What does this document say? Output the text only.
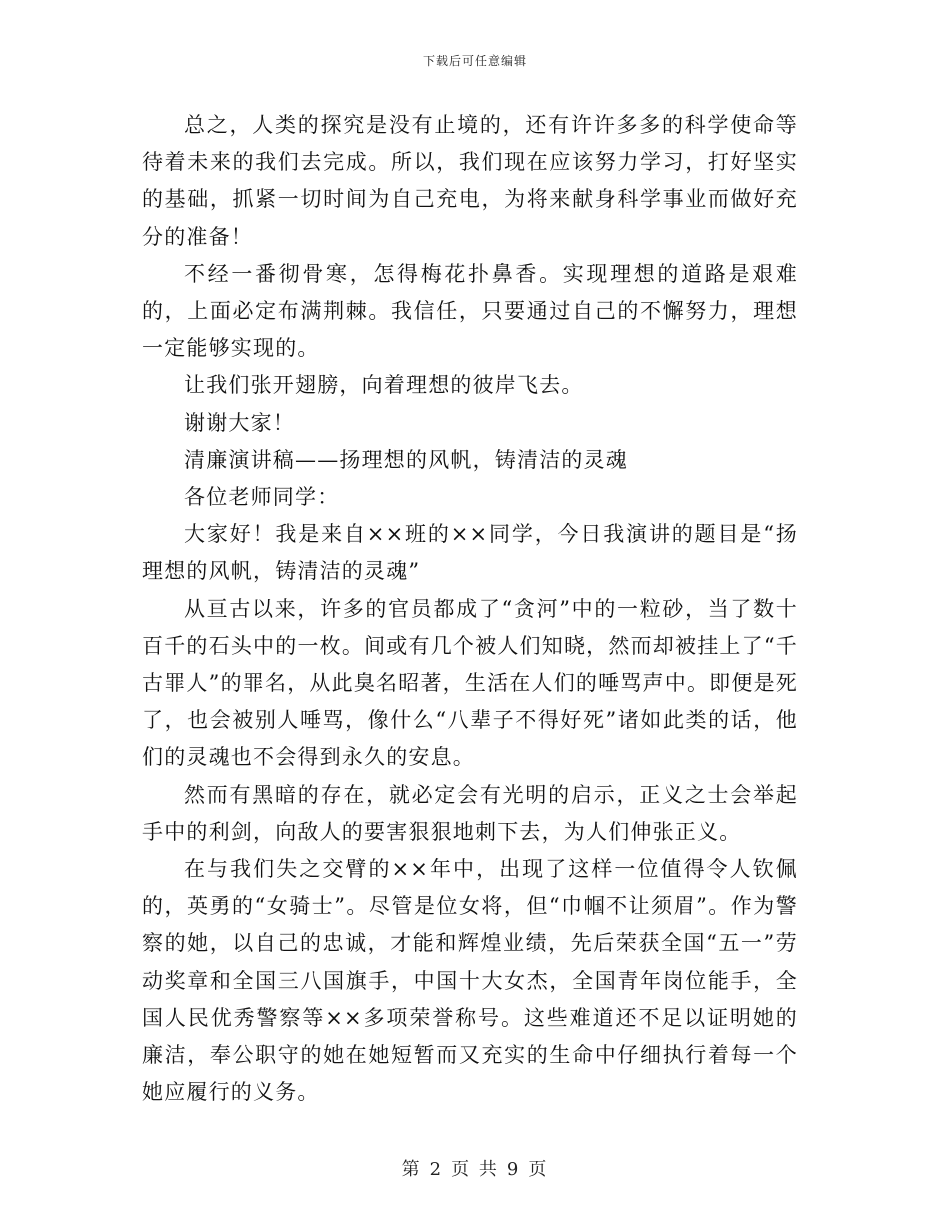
下载后可任意编辑

总之，人类的探究是没有止境的，还有许许多多的科学使命等待着未来的我们去完成。所以，我们现在应该努力学习，打好坚实的基础，抓紧一切时间为自己充电，为将来献身科学事业而做好充分的准备！

不经一番彻骨寒，怎得梅花扑鼻香。实现理想的道路是艰难的，上面必定布满荆棘。我信任，只要通过自己的不懈努力，理想一定能够实现的。

让我们张开翅膀，向着理想的彼岸飞去。

谢谢大家！

清廉演讲稿——扬理想的风帆，铸清洁的灵魂

各位老师同学：

大家好！我是来自××班的××同学，今日我演讲的题目是“扬理想的风帆，铸清洁的灵魂”

从亘古以来，许多的官员都成了“贪河”中的一粒砂，当了数十百千的石头中的一枚。间或有几个被人们知晓，然而却被挂上了“千古罪人”的罪名，从此臭名昭著，生活在人们的唾骂声中。即便是死了，也会被别人唾骂，像什么“八辈子不得好死”诸如此类的话，他们的灵魂也不会得到永久的安息。

然而有黑暗的存在，就必定会有光明的启示，正义之士会举起手中的利剑，向敌人的要害狠狠地刺下去，为人们伸张正义。

在与我们失之交臂的××年中，出现了这样一位值得令人钦佩的，英勇的“女骑士”。尽管是位女将，但“巾帼不让须眉”。作为警察的她，以自己的忠诚，才能和辉煌业绩，先后荣获全国“五一”劳动奖章和全国三八国旗手，中国十大女杰，全国青年岗位能手，全国人民优秀警察等××多项荣誉称号。这些难道还不足以证明她的廉洁，奉公职守的她在她短暂而又充实的生命中仔细执行着每一个她应履行的义务。

第 2 页 共 9 页
